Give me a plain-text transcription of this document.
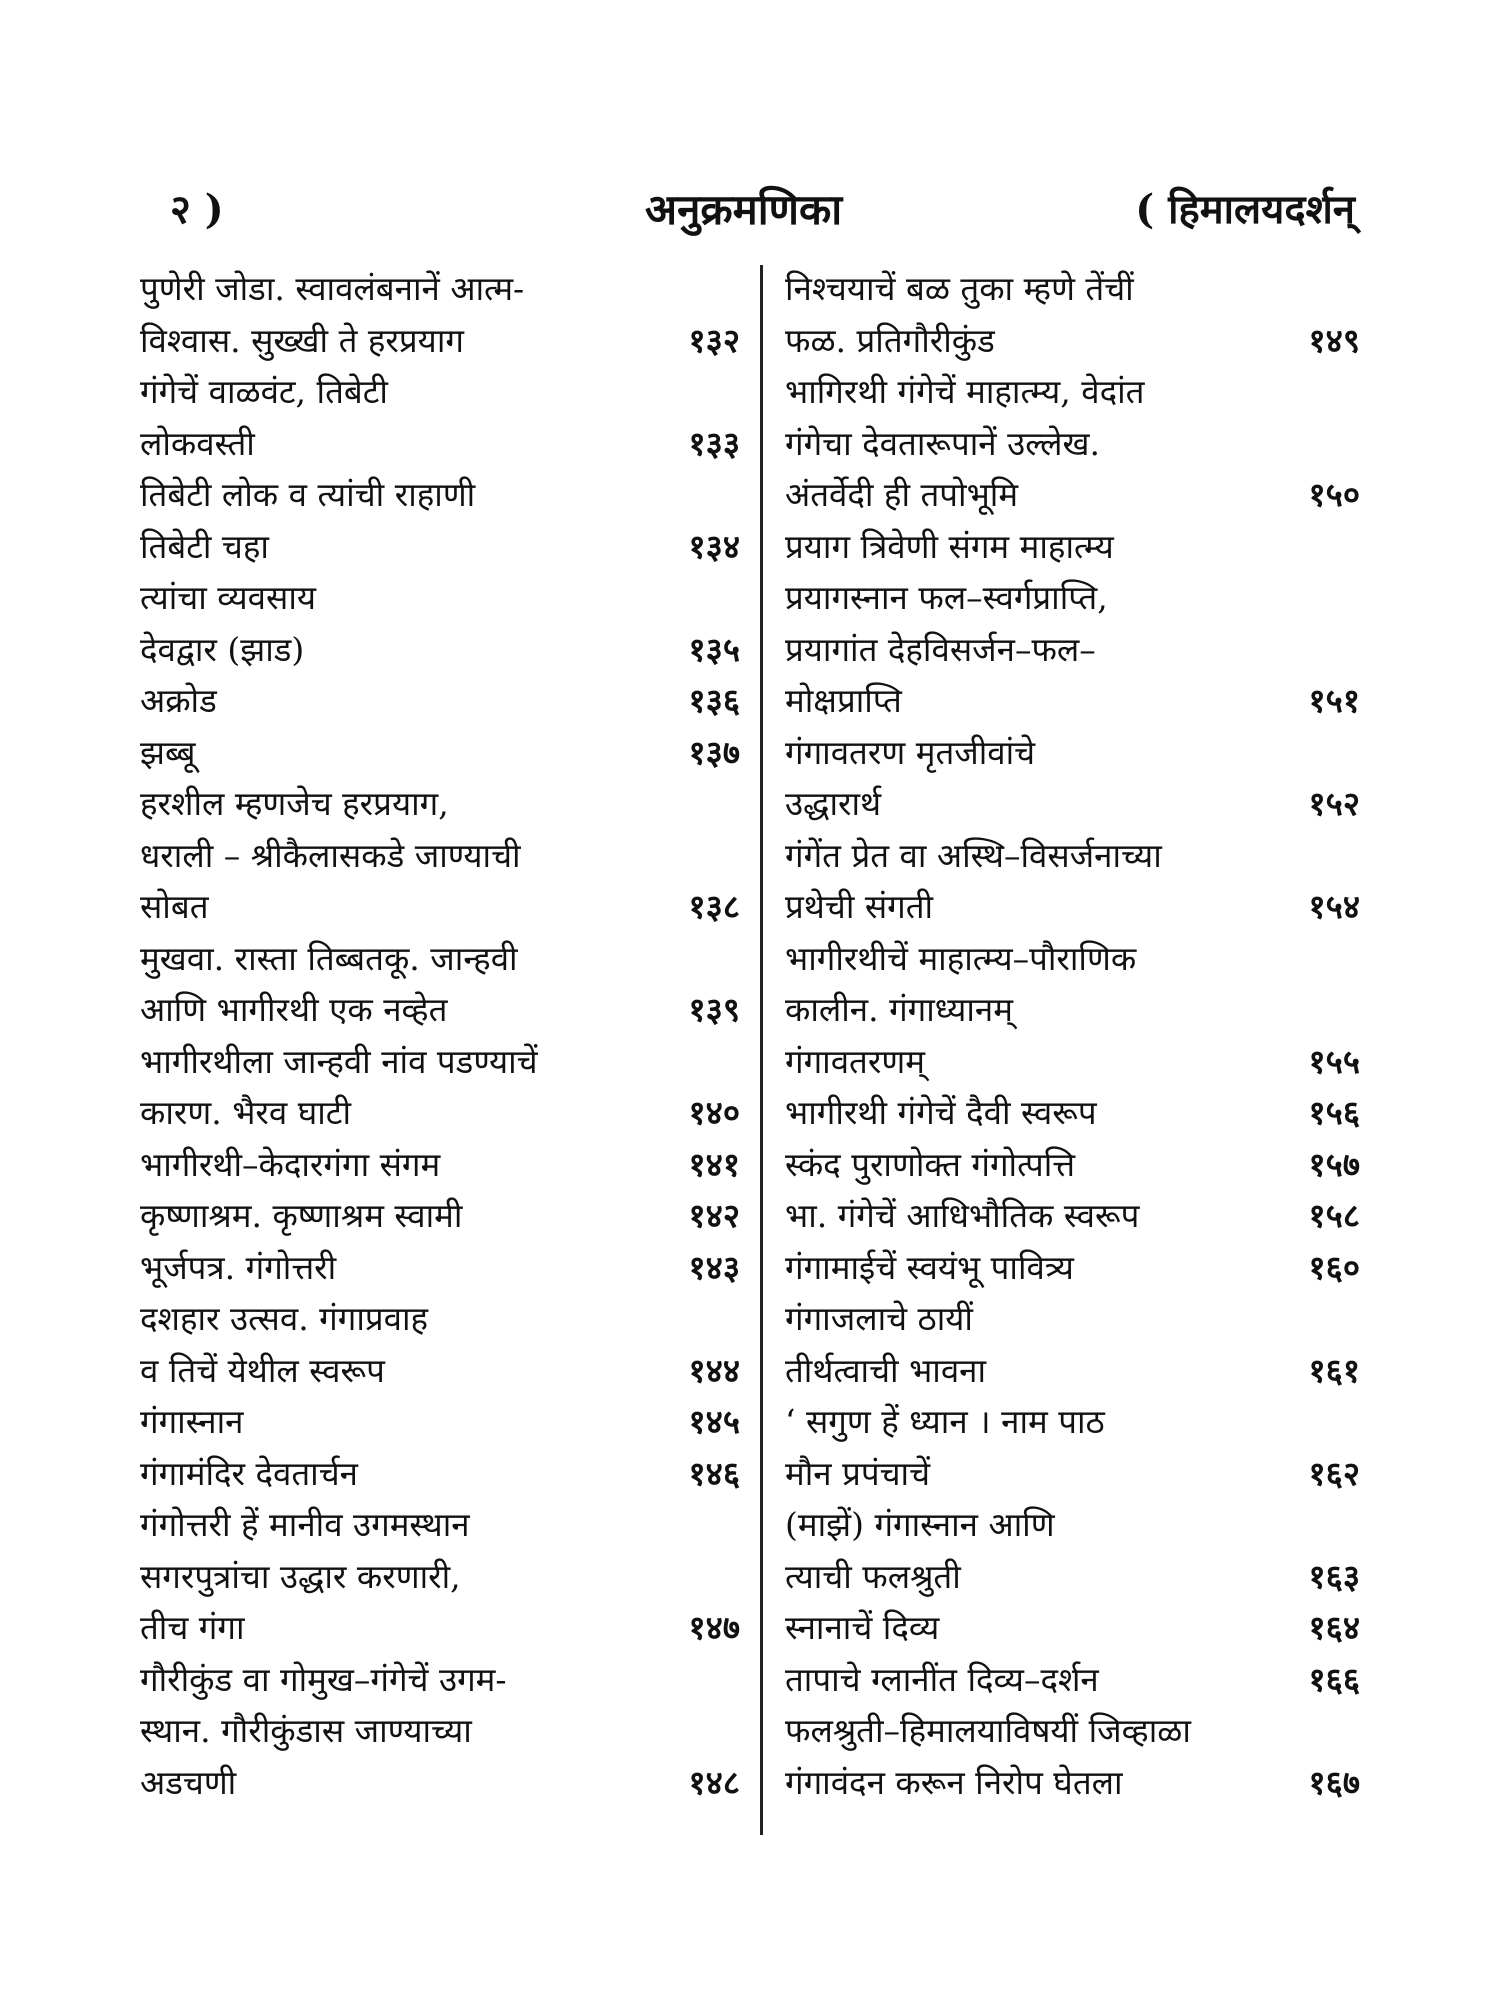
२ )	अनुक्रमणिका	( हिमालयदर्शन्
पुणेरी जोडा. स्वावलंबनानें आत्म-
विश्वास. सुख्खी ते हरप्रयाग	१३२
गंगेचें वाळवंट, तिबेटी
लोकवस्ती	१३३
तिबेटी लोक व त्यांची राहाणी
तिबेटी चहा	१३४
त्यांचा व्यवसाय
देवद्वार (झाड)	१३५
अक्रोड	१३६
झब्बू	१३७
हरशील म्हणजेच हरप्रयाग,
धराली – श्रीकैलासकडे जाण्याची
सोबत	१३८
मुखवा. रास्ता तिब्बतकू. जान्हवी
आणि भागीरथी एक नव्हेत	१३९
भागीरथीला जान्हवी नांव पडण्याचें
कारण. भैरव घाटी	१४०
भागीरथी–केदारगंगा संगम	१४१
कृष्णाश्रम. कृष्णाश्रम स्वामी	१४२
भूर्जपत्र. गंगोत्तरी	१४३
दशहार उत्सव. गंगाप्रवाह
व तिचें येथील स्वरूप	१४४
गंगास्नान	१४५
गंगामंदिर देवतार्चन	१४६
गंगोत्तरी हें मानीव उगमस्थान
सगरपुत्रांचा उद्धार करणारी,
तीच गंगा	१४७
गौरीकुंड वा गोमुख–गंगेचें उगम-
स्थान. गौरीकुंडास जाण्याच्या
अडचणी	१४८
निश्चयाचें बळ तुका म्हणे तेंचीं
फळ. प्रतिगौरीकुंड	१४९
भागिरथी गंगेचें माहात्म्य, वेदांत
गंगेचा देवतारूपानें उल्लेख.
अंतर्वेदी ही तपोभूमि	१५०
प्रयाग त्रिवेणी संगम माहात्म्य
प्रयागस्नान फल–स्वर्गप्राप्ति,
प्रयागांत देहविसर्जन–फल–
मोक्षप्राप्ति	१५१
गंगावतरण मृतजीवांचे
उद्धारार्थ	१५२
गंगेंत प्रेत वा अस्थि–विसर्जनाच्या
प्रथेची संगती	१५४
भागीरथीचें माहात्म्य–पौराणिक
कालीन. गंगाध्यानम्
गंगावतरणम्	१५५
भागीरथी गंगेचें दैवी स्वरूप	१५६
स्कंद पुराणोक्त गंगोत्पत्ति	१५७
भा. गंगेचें आधिभौतिक स्वरूप	१५८
गंगामाईचें स्वयंभू पावित्र्य	१६०
गंगाजलाचे ठायीं
तीर्थत्वाची भावना	१६१
‘ सगुण हें ध्यान । नाम पाठ
मौन प्रपंचाचें	१६२
(माझें) गंगास्नान आणि
त्याची फलश्रुती	१६३
स्नानाचें दिव्य	१६४
तापाचे ग्लानींत दिव्य–दर्शन	१६६
फलश्रुती–हिमालयाविषयीं जिव्हाळा
गंगावंदन करून निरोप घेतला	१६७
